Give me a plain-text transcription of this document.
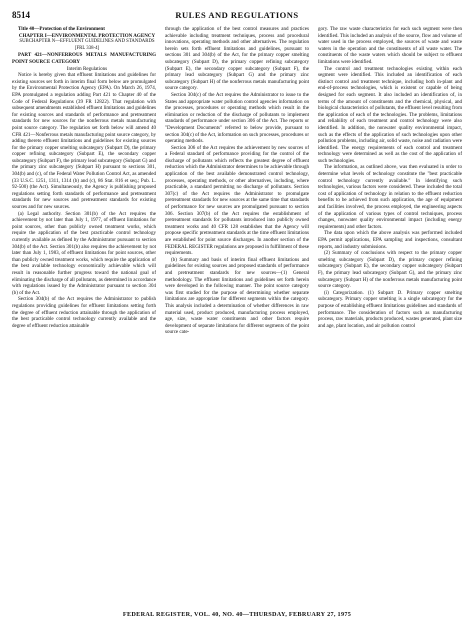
8514	RULES AND REGULATIONS

Title 40—Protection of the Environment

CHAPTER I—ENVIRONMENTAL PROTECTION AGENCY

SUBCHAPTER N—EFFLUENT GUIDELINES AND STANDARDS

[FRL 338-4]

PART 421—NONFERROUS METALS MANUFACTURING POINT SOURCE CATEGORY

Interim Regulations

Notice is hereby given that effluent limitations and guidelines for existing sources set forth in interim final form below are promulgated by the Environmental Protection Agency (EPA). On March 26, 1974, EPA promulgated a regulation adding Part 421 to Chapter 40 of the Code of Federal Regulations (39 FR 12822). That regulation with subsequent amendments established effluent limitations and guidelines for existing sources and standards of performance and pretreatment standards for new sources for the nonferrous metals manufacturing point source category. The regulation set forth below will amend 40 CFR 421—Nonferrous metals manufacturing point source category, by adding thereto effluent limitations and guidelines for existing sources for the primary copper smelting subcategory (Subpart D), the primary copper refining subcategory (Subpart E), the secondary copper subcategory (Subpart F), the primary lead subcategory (Subpart G) and the primary zinc subcategory (Subpart H) pursuant to sections 301, 304(b) and (c), of the Federal Water Pollution Control Act, as amended (33 U.S.C. 1251, 1311, 1314 (b) and (c), 86 Stat. 816 et seq.; Pub. L. 92-500) (the Act). Simultaneously, the Agency is publishing proposed regulations setting forth standards of performance and pretreatment standards for new sources and pretreatment standards for existing sources and for new sources.

(a) Legal authority. Section 301(b) of the Act requires the achievement by not later than July 1, 1977, of effluent limitations for point sources, other than publicly owned treatment works, which require the application of the best practicable control technology currently available as defined by the Administrator pursuant to section 304(b) of the Act. Section 301(b) also requires the achievement by not later than July 1, 1983, of effluent limitations for point sources, other than publicly owned treatment works, which require the application of the best available technology economically achievable which will result in reasonable further progress toward the national goal of eliminating the discharge of all pollutants, as determined in accordance with regulations issued by the Administrator pursuant to section 304 (b) of the Act.

Section 304(b) of the Act requires the Administrator to publish regulations providing guidelines for effluent limitations setting forth the degree of effluent reduction attainable through the application of the best practicable control technology currently available and the degree of effluent reduction attainable

through the application of the best control measures and practices achievable including treatment techniques, process and procedural innovations, operating methods and other alternatives. The regulation herein sets forth effluent limitations and guidelines, pursuant to sections 301 and 304(b) of the Act, for the primary copper smelting subcategory (Subpart D), the primary copper refining subcategory (Subpart E), the secondary copper subcategory (Subpart F), the primary lead subcategory (Subpart G) and the primary zinc subcategory (Subpart H) of the nonferrous metals manufacturing point source category.

Section 304(c) of the Act requires the Administrator to issue to the States and appropriate water pollution control agencies information on the processes, procedures or operating methods which result in the elimination or reduction of the discharge of pollutants to implement standards of performance under section 306 of the Act. The reports or "Development Documents" referred to below provide, pursuant to section 304(c) of the Act, information on such processes, procedures or operating methods.

Section 306 of the Act requires the achievement by new sources of a Federal standard of performance providing for the control of the discharge of pollutants which reflects the greatest degree of effluent reduction which the Administrator determines to be achievable through application of the best available demonstrated control technology, processes, operating methods, or other alternatives, including, where practicable, a standard permitting no discharge of pollutants. Section 307(c) of the Act requires the Administrator to promulgate pretreatment standards for new sources at the same time that standards of performance for new sources are promulgated pursuant to section 306. Section 307(b) of the Act requires the establishment of pretreatment standards for pollutants introduced into publicly owned treatment works and 40 CFR 128 establishes that the Agency will propose specific pretreatment standards at the time effluent limitations are established for point source discharges. In another section of the FEDERAL REGISTER regulations are proposed in fulfillment of these requirements.

(b) Summary and basis of interim final effluent limitations and guidelines for existing sources and proposed standards of performance and pretreatment standards for new sources—(1) General methodology. The effluent limitations and guidelines set forth herein were developed in the following manner. The point source category was first studied for the purpose of determining whether separate limitations are appropriate for different segments within the category. This analysis included a determination of whether differences in raw material used, product produced, manufacturing process employed, age, size, waste water constituents and other factors require development of separate limitations for different segments of the point source cate-

gory. The raw waste characteristics for each such segment were then identified. This included an analysis of the source, flow and volume of water used in the process employed, the sources of waste and waste waters in the operation and the constituents of all waste water. The constituents of the waste waters which should be subject to effluent limitations were identified.

The control and treatment technologies existing within each segment were identified. This included an identification of each distinct control and treatment technique, including both in-plant and end-of-process technologies, which is existent or capable of being designed for each segment. It also included an identification of, in terms of the amount of constituents and the chemical, physical, and biological characteristics of pollutants, the effluent level resulting from the application of each of the technologies. The problems, limitations and reliability of each treatment and control technology were also identified. In addition, the nonwater quality environmental impact, such as the effects of the application of such technologies upon other pollution problems, including air, solid waste, noise and radiation were identified. The energy requirements of each control and treatment technology were determined as well as the cost of the application of such technologies.

The information, as outlined above, was then evaluated in order to determine what levels of technology constitute the "best practicable control technology currently available." In identifying such technologies, various factors were considered. These included the total cost of application of technology in relation to the effluent reduction benefits to be achieved from such application, the age of equipment and facilities involved, the process employed, the engineering aspects of the application of various types of control techniques, process changes, nonwater quality environmental impact (including energy requirements) and other factors.

The data upon which the above analysis was performed included EPA permit applications, EPA sampling and inspections, consultant reports, and industry submissions.

(2) Summary of conclusions with respect to the primary copper smelting subcategory (Subpart D), the primary copper refining subcategory (Subpart E), the secondary copper subcategory (Subpart F), the primary lead subcategory (Subpart G), and the primary zinc subcategory (Subpart H) of the nonferrous metals manufacturing point source category.

(i) Categorization. (1) Subpart D. Primary copper smelting subcategory. Primary copper smelting is a single subcategory for the purpose of establishing effluent limitations guidelines and standards of performance. The consideration of factors such as manufacturing process, raw materials, products produced, wastes generated, plant size and age, plant location, and air pollution control

FEDERAL REGISTER, VOL. 40, NO. 40—THURSDAY, FEBRUARY 27, 1975
